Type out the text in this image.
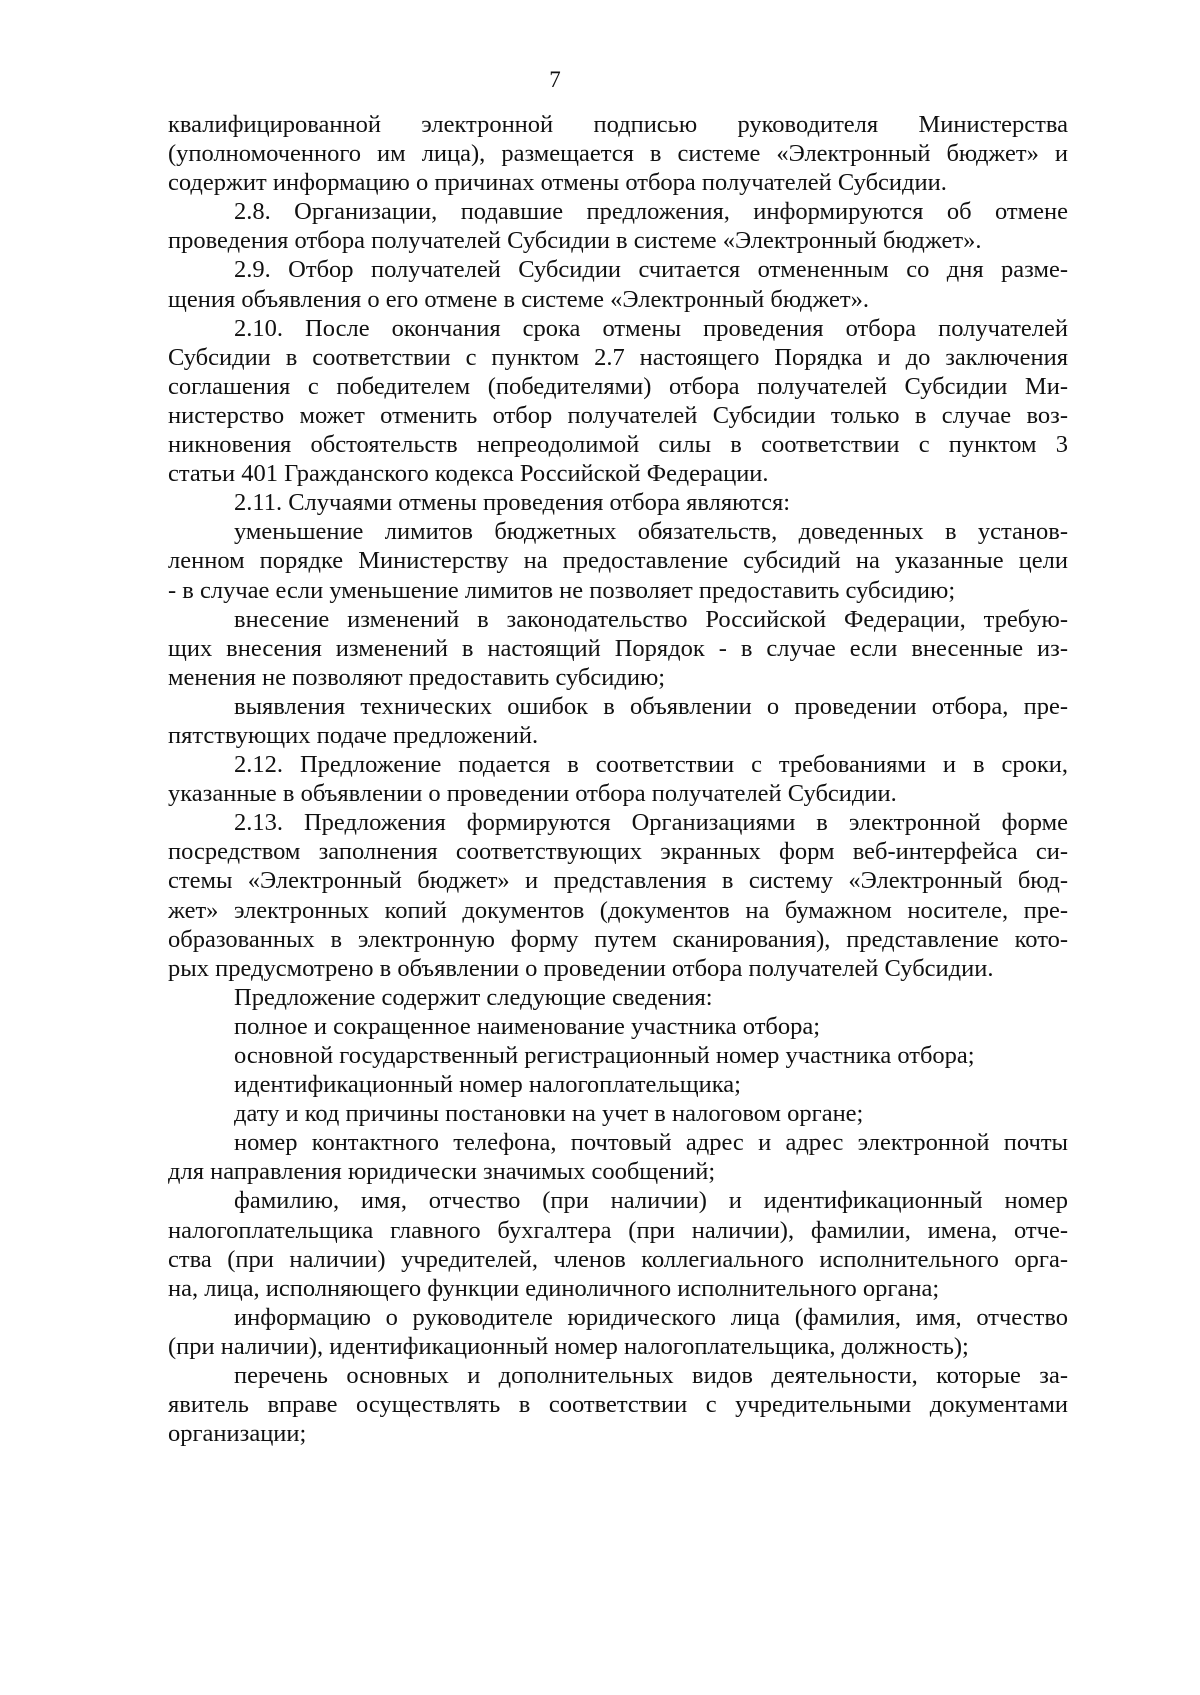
7
квалифицированной электронной подписью руководителя Министерства
(уполномоченного им лица), размещается в системе «Электронный бюджет» и
содержит информацию о причинах отмены отбора получателей Субсидии.
2.8. Организации, подавшие предложения, информируются об отмене
проведения отбора получателей Субсидии в системе «Электронный бюджет».
2.9. Отбор получателей Субсидии считается отмененным со дня разме-
щения объявления о его отмене в системе «Электронный бюджет».
2.10. После окончания срока отмены проведения отбора получателей
Субсидии в соответствии с пунктом 2.7 настоящего Порядка и до заключения
соглашения с победителем (победителями) отбора получателей Субсидии Ми-
нистерство может отменить отбор получателей Субсидии только в случае воз-
никновения обстоятельств непреодолимой силы в соответствии с пунктом 3
статьи 401 Гражданского кодекса Российской Федерации.
2.11. Случаями отмены проведения отбора являются:
уменьшение лимитов бюджетных обязательств, доведенных в установ-
ленном порядке Министерству на предоставление субсидий на указанные цели
- в случае если уменьшение лимитов не позволяет предоставить субсидию;
внесение изменений в законодательство Российской Федерации, требую-
щих внесения изменений в настоящий Порядок - в случае если внесенные из-
менения не позволяют предоставить субсидию;
выявления технических ошибок в объявлении о проведении отбора, пре-
пятствующих подаче предложений.
2.12. Предложение подается в соответствии с требованиями и в сроки,
указанные в объявлении о проведении отбора получателей Субсидии.
2.13. Предложения формируются Организациями в электронной форме
посредством заполнения соответствующих экранных форм веб-интерфейса си-
стемы «Электронный бюджет» и представления в систему «Электронный бюд-
жет» электронных копий документов (документов на бумажном носителе, пре-
образованных в электронную форму путем сканирования), представление кото-
рых предусмотрено в объявлении о проведении отбора получателей Субсидии.
Предложение содержит следующие сведения:
полное и сокращенное наименование участника отбора;
основной государственный регистрационный номер участника отбора;
идентификационный номер налогоплательщика;
дату и код причины постановки на учет в налоговом органе;
номер контактного телефона, почтовый адрес и адрес электронной почты
для направления юридически значимых сообщений;
фамилию, имя, отчество (при наличии) и идентификационный номер
налогоплательщика главного бухгалтера (при наличии), фамилии, имена, отче-
ства (при наличии) учредителей, членов коллегиального исполнительного орга-
на, лица, исполняющего функции единоличного исполнительного органа;
информацию о руководителе юридического лица (фамилия, имя, отчество
(при наличии), идентификационный номер налогоплательщика, должность);
перечень основных и дополнительных видов деятельности, которые за-
явитель вправе осуществлять в соответствии с учредительными документами
организации;
